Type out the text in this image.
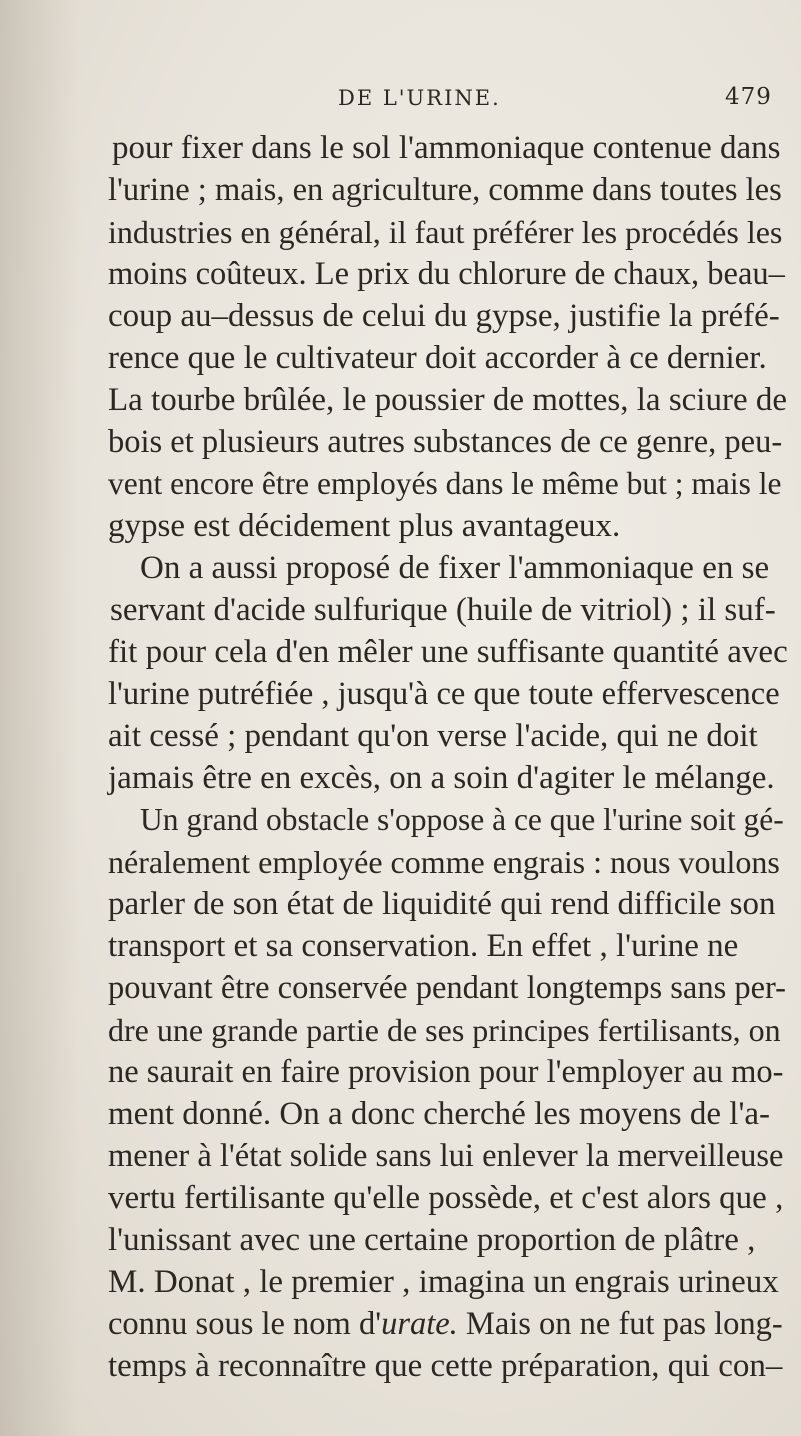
DE L'URINE.	479
pour fixer dans le sol l'ammoniaque contenue dans
l'urine ; mais, en agriculture, comme dans toutes les
industries en général, il faut préférer les procédés les
moins coûteux. Le prix du chlorure de chaux, beau–
coup au–dessus de celui du gypse, justifie la préfé-
rence que le cultivateur doit accorder à ce dernier.
La tourbe brûlée, le poussier de mottes, la sciure de
bois et plusieurs autres substances de ce genre, peu-
vent encore être employés dans le même but ; mais le
gypse est décidement plus avantageux.
On a aussi proposé de fixer l'ammoniaque en se
servant d'acide sulfurique (huile de vitriol) ; il suf-
fit pour cela d'en mêler une suffisante quantité avec
l'urine putréfiée , jusqu'à ce que toute effervescence
ait cessé ; pendant qu'on verse l'acide, qui ne doit
jamais être en excès, on a soin d'agiter le mélange.
Un grand obstacle s'oppose à ce que l'urine soit gé-
néralement employée comme engrais : nous voulons
parler de son état de liquidité qui rend difficile son
transport et sa conservation. En effet , l'urine ne
pouvant être conservée pendant longtemps sans per-
dre une grande partie de ses principes fertilisants, on
ne saurait en faire provision pour l'employer au mo-
ment donné. On a donc cherché les moyens de l'a-
mener à l'état solide sans lui enlever la merveilleuse
vertu fertilisante qu'elle possède, et c'est alors que ,
l'unissant avec une certaine proportion de plâtre ,
M. Donat , le premier , imagina un engrais urineux
connu sous le nom d'urate. Mais on ne fut pas long-
temps à reconnaître que cette préparation, qui con–
